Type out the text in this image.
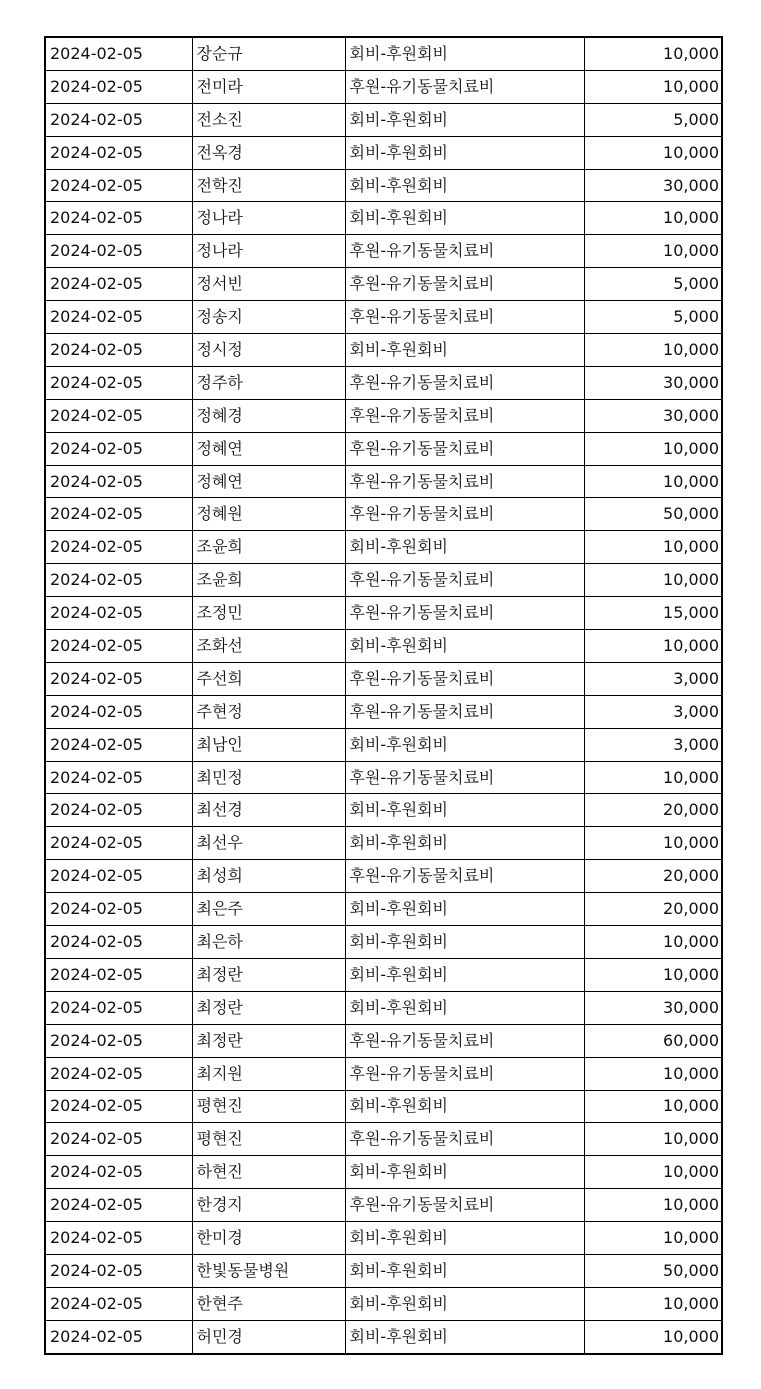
2024-02-05	장순규	회비-후원회비	10,000
2024-02-05	전미라	후원-유기동물치료비	10,000
2024-02-05	전소진	회비-후원회비	5,000
2024-02-05	전옥경	회비-후원회비	10,000
2024-02-05	전학진	회비-후원회비	30,000
2024-02-05	정나라	회비-후원회비	10,000
2024-02-05	정나라	후원-유기동물치료비	10,000
2024-02-05	정서빈	후원-유기동물치료비	5,000
2024-02-05	정송지	후원-유기동물치료비	5,000
2024-02-05	정시정	회비-후원회비	10,000
2024-02-05	정주하	후원-유기동물치료비	30,000
2024-02-05	정혜경	후원-유기동물치료비	30,000
2024-02-05	정혜연	후원-유기동물치료비	10,000
2024-02-05	정혜연	후원-유기동물치료비	10,000
2024-02-05	정혜원	후원-유기동물치료비	50,000
2024-02-05	조윤희	회비-후원회비	10,000
2024-02-05	조윤희	후원-유기동물치료비	10,000
2024-02-05	조정민	후원-유기동물치료비	15,000
2024-02-05	조화선	회비-후원회비	10,000
2024-02-05	주선희	후원-유기동물치료비	3,000
2024-02-05	주현정	후원-유기동물치료비	3,000
2024-02-05	최남인	회비-후원회비	3,000
2024-02-05	최민정	후원-유기동물치료비	10,000
2024-02-05	최선경	회비-후원회비	20,000
2024-02-05	최선우	회비-후원회비	10,000
2024-02-05	최성희	후원-유기동물치료비	20,000
2024-02-05	최은주	회비-후원회비	20,000
2024-02-05	최은하	회비-후원회비	10,000
2024-02-05	최정란	회비-후원회비	10,000
2024-02-05	최정란	회비-후원회비	30,000
2024-02-05	최정란	후원-유기동물치료비	60,000
2024-02-05	최지원	후원-유기동물치료비	10,000
2024-02-05	평현진	회비-후원회비	10,000
2024-02-05	평현진	후원-유기동물치료비	10,000
2024-02-05	하현진	회비-후원회비	10,000
2024-02-05	한경지	후원-유기동물치료비	10,000
2024-02-05	한미경	회비-후원회비	10,000
2024-02-05	한빛동물병원	회비-후원회비	50,000
2024-02-05	한현주	회비-후원회비	10,000
2024-02-05	허민경	회비-후원회비	10,000
